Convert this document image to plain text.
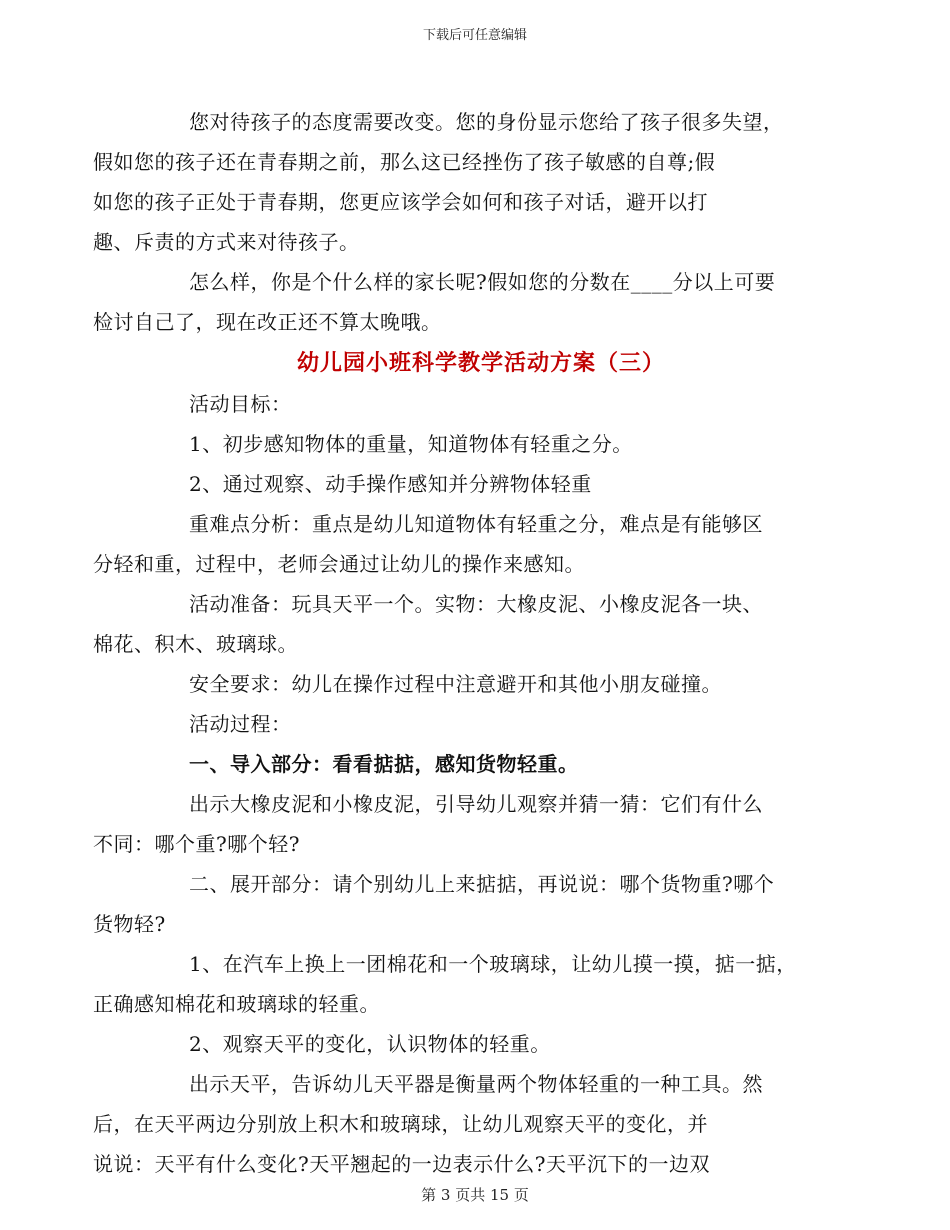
下载后可任意编辑

您对待孩子的态度需要改变。您的身份显示您给了孩子很多失望，
假如您的孩子还在青春期之前，那么这已经挫伤了孩子敏感的自尊;假
如您的孩子正处于青春期，您更应该学会如何和孩子对话，避开以打
趣、斥责的方式来对待孩子。

怎么样，你是个什么样的家长呢?假如您的分数在____分以上可要
检讨自己了，现在改正还不算太晚哦。

幼儿园小班科学教学活动方案（三）

活动目标：

1、初步感知物体的重量，知道物体有轻重之分。

2、通过观察、动手操作感知并分辨物体轻重

重难点分析：重点是幼儿知道物体有轻重之分，难点是有能够区
分轻和重，过程中，老师会通过让幼儿的操作来感知。

活动准备：玩具天平一个。实物：大橡皮泥、小橡皮泥各一块、
棉花、积木、玻璃球。

安全要求：幼儿在操作过程中注意避开和其他小朋友碰撞。

活动过程：

一、导入部分：看看掂掂，感知货物轻重。

出示大橡皮泥和小橡皮泥，引导幼儿观察并猜一猜：它们有什么
不同：哪个重?哪个轻?

二、展开部分：请个别幼儿上来掂掂，再说说：哪个货物重?哪个
货物轻?

1、在汽车上换上一团棉花和一个玻璃球，让幼儿摸一摸，掂一掂，
正确感知棉花和玻璃球的轻重。

2、观察天平的变化，认识物体的轻重。

出示天平，告诉幼儿天平器是衡量两个物体轻重的一种工具。然
后，在天平两边分别放上积木和玻璃球，让幼儿观察天平的变化，并
说说：天平有什么变化?天平翘起的一边表示什么?天平沉下的一边双

第 3 页共 15 页
